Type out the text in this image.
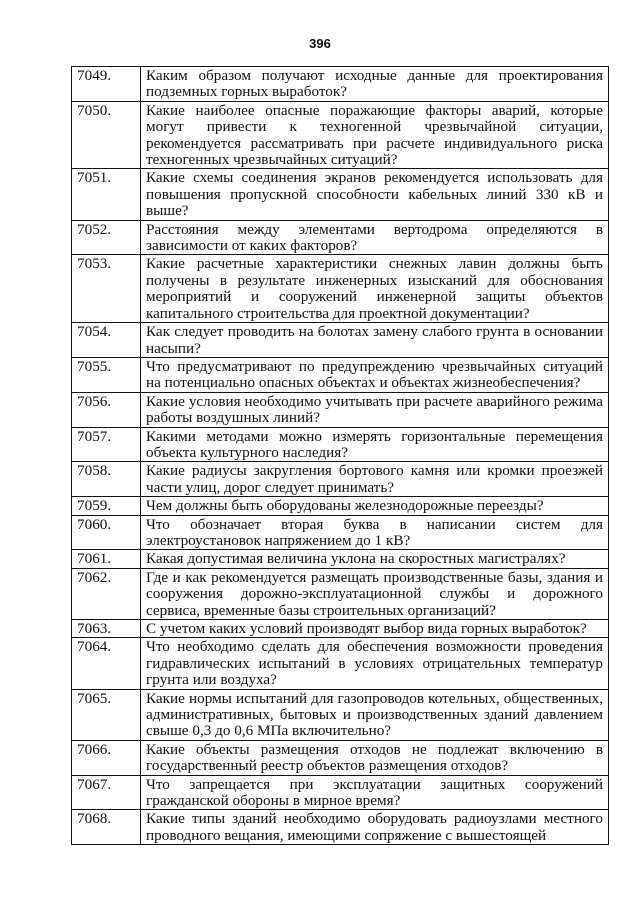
396
7049.	Каким образом получают исходные данные для проектирования подземных горных выработок?
7050.	Какие наиболее опасные поражающие факторы аварий, которые могут привести к техногенной чрезвычайной ситуации, рекомендуется рассматривать при расчете индивидуального риска техногенных чрезвычайных ситуаций?
7051.	Какие схемы соединения экранов рекомендуется использовать для повышения пропускной способности кабельных линий 330 кВ и выше?
7052.	Расстояния между элементами вертодрома определяются в зависимости от каких факторов?
7053.	Какие расчетные характеристики снежных лавин должны быть получены в результате инженерных изысканий для обоснования мероприятий и сооружений инженерной защиты объектов капитального строительства для проектной документации?
7054.	Как следует проводить на болотах замену слабого грунта в основании насыпи?
7055.	Что предусматривают по предупреждению чрезвычайных ситуаций на потенциально опасных объектах и объектах жизнеобеспечения?
7056.	Какие условия необходимо учитывать при расчете аварийного режима работы воздушных линий?
7057.	Какими методами можно измерять горизонтальные перемещения объекта культурного наследия?
7058.	Какие радиусы закругления бортового камня или кромки проезжей части улиц, дорог следует принимать?
7059.	Чем должны быть оборудованы железнодорожные переезды?
7060.	Что обозначает вторая буква в написании систем для электроустановок напряжением до 1 кВ?
7061.	Какая допустимая величина уклона на скоростных магистралях?
7062.	Где и как рекомендуется размещать производственные базы, здания и сооружения дорожно-эксплуатационной службы и дорожного сервиса, временные базы строительных организаций?
7063.	С учетом каких условий производят выбор вида горных выработок?
7064.	Что необходимо сделать для обеспечения возможности проведения гидравлических испытаний в условиях отрицательных температур грунта или воздуха?
7065.	Какие нормы испытаний для газопроводов котельных, общественных, административных, бытовых и производственных зданий давлением свыше 0,3 до 0,6 МПа включительно?
7066.	Какие объекты размещения отходов не подлежат включению в государственный реестр объектов размещения отходов?
7067.	Что запрещается при эксплуатации защитных сооружений гражданской обороны в мирное время?
7068.	Какие типы зданий необходимо оборудовать радиоузлами местного проводного вещания, имеющими сопряжение с вышестоящей
